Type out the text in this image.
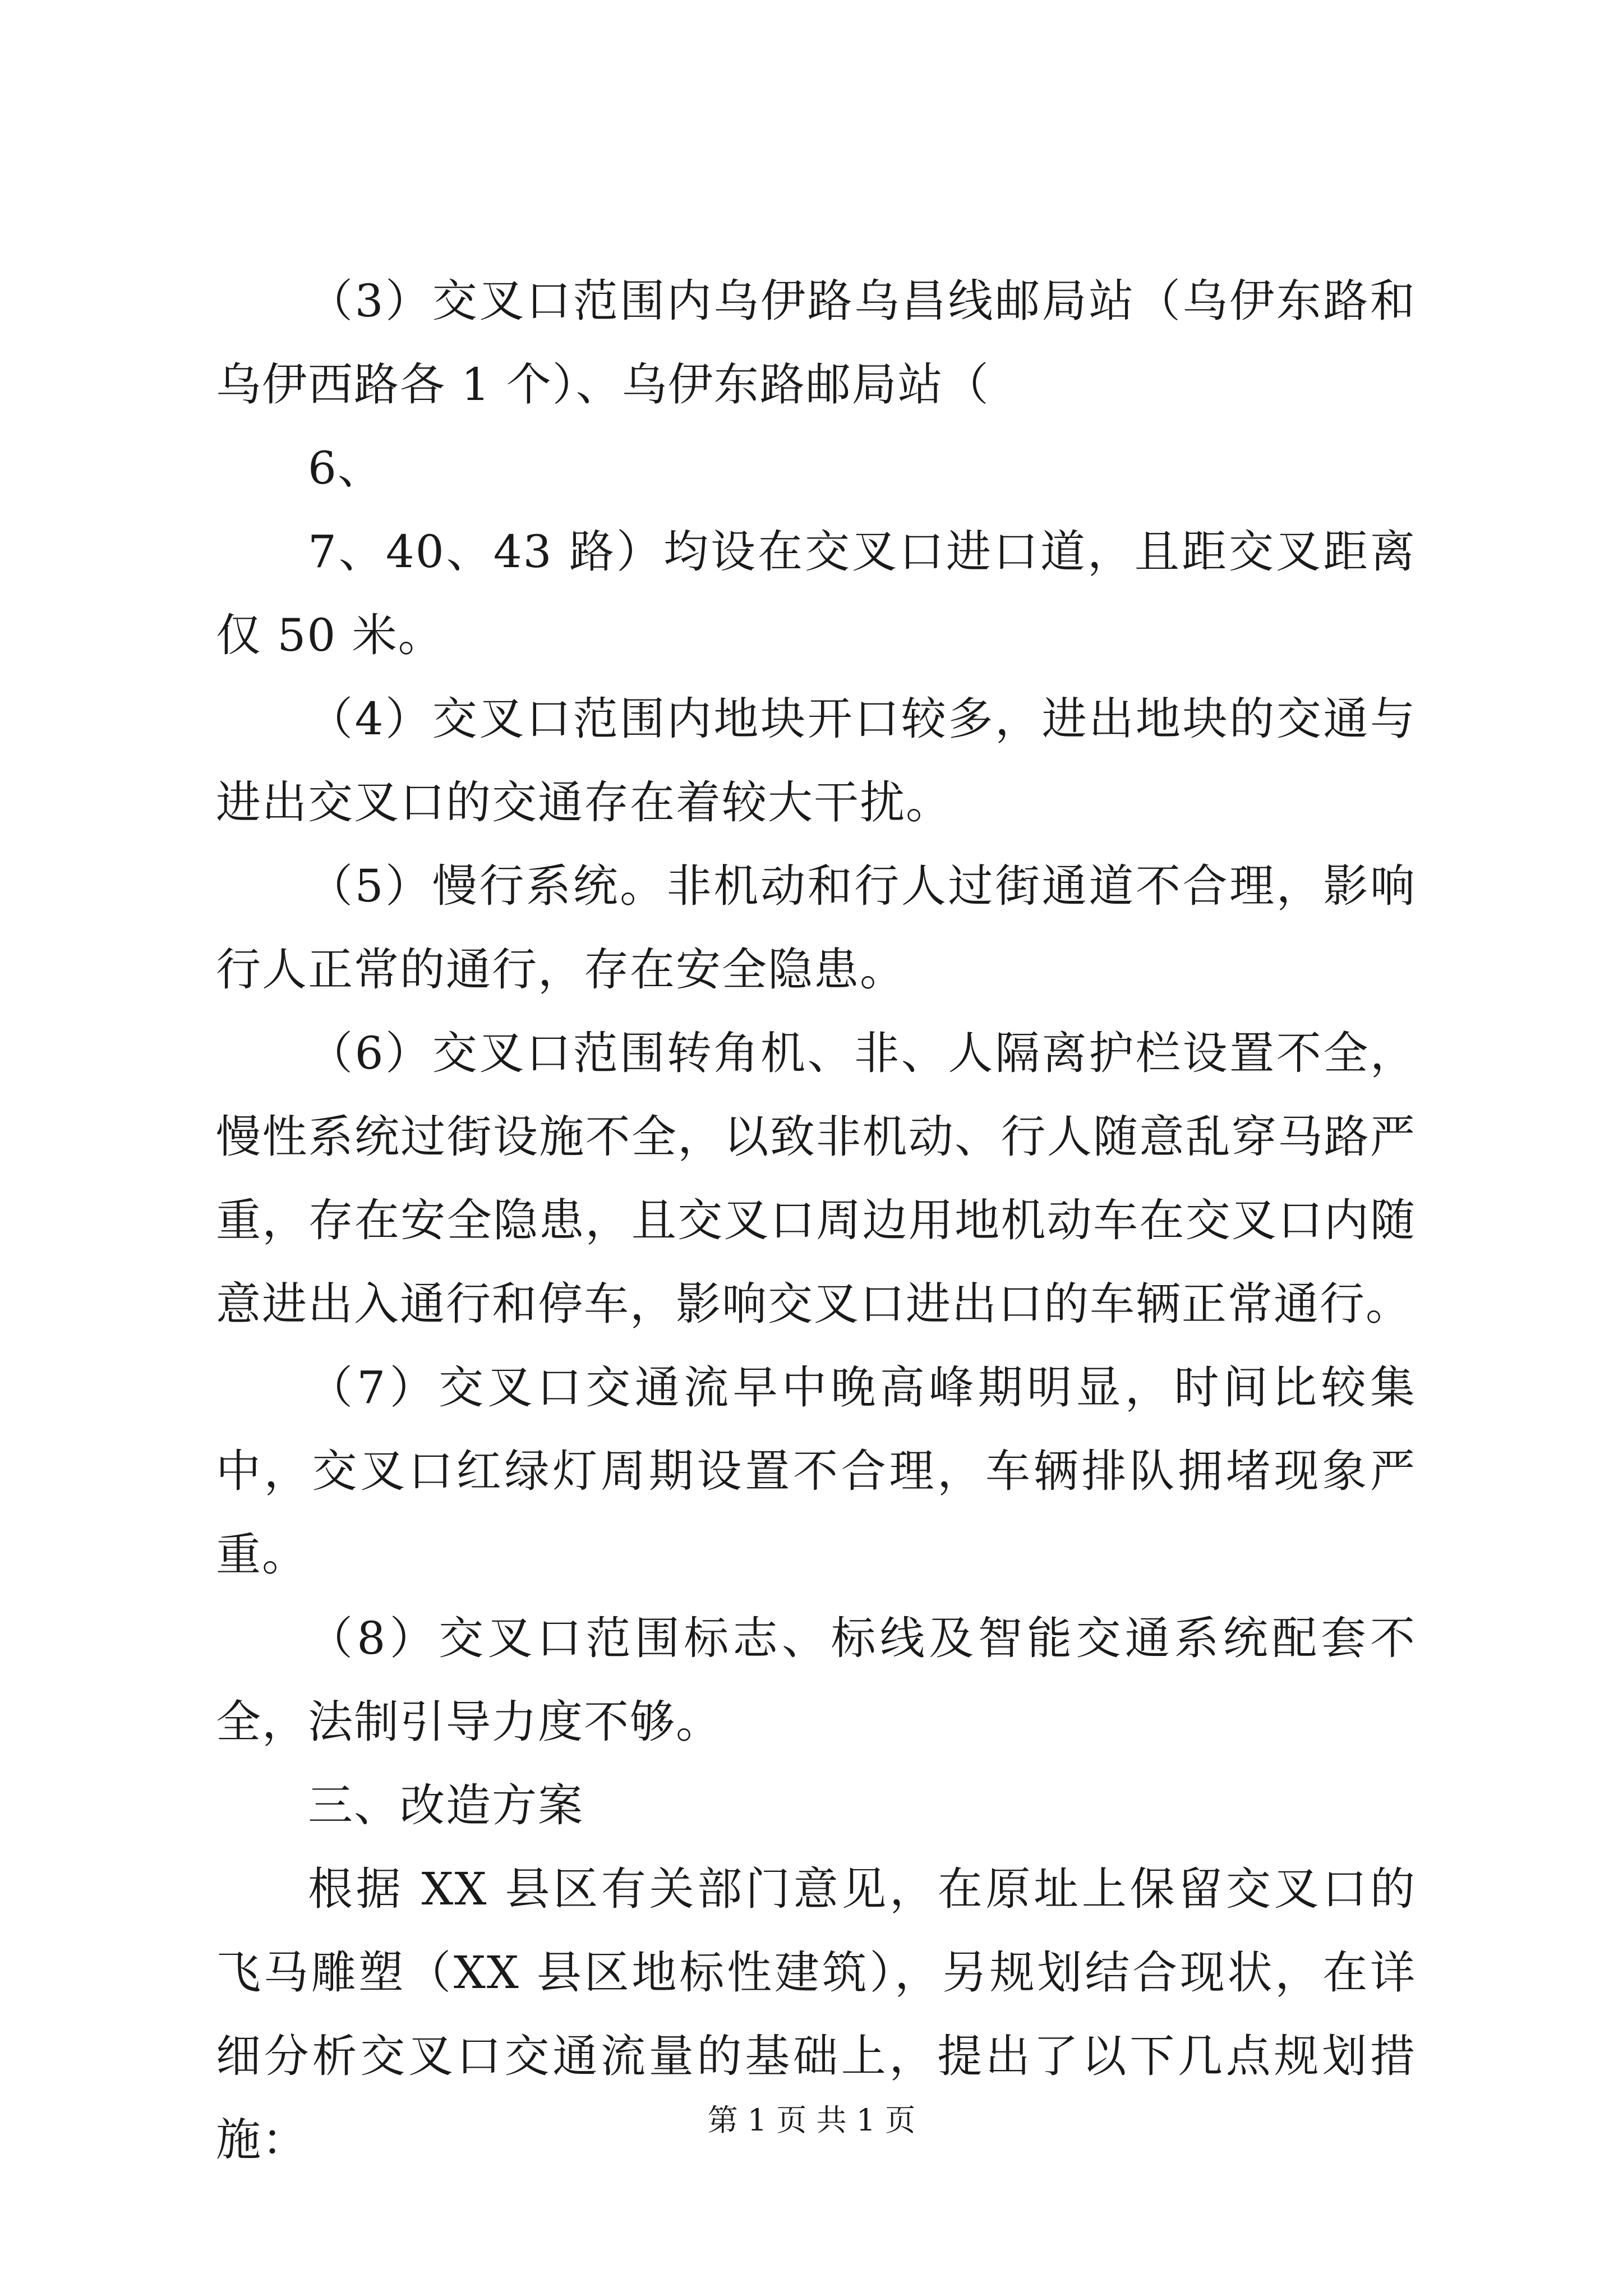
（3）交叉口范围内乌伊路乌昌线邮局站（乌伊东路和乌伊西路各 1 个）、乌伊东路邮局站（

6、

7、40、43 路）均设在交叉口进口道，且距交叉距离仅 50 米。

（4）交叉口范围内地块开口较多，进出地块的交通与进出交叉口的交通存在着较大干扰。

（5）慢行系统。非机动和行人过街通道不合理，影响行人正常的通行，存在安全隐患。

（6）交叉口范围转角机、非、人隔离护栏设置不全，慢性系统过街设施不全，以致非机动、行人随意乱穿马路严重，存在安全隐患，且交叉口周边用地机动车在交叉口内随意进出入通行和停车，影响交叉口进出口的车辆正常通行。

（7）交叉口交通流早中晚高峰期明显，时间比较集中，交叉口红绿灯周期设置不合理，车辆排队拥堵现象严重。

（8）交叉口范围标志、标线及智能交通系统配套不全，法制引导力度不够。

三、改造方案

根据 XX 县区有关部门意见，在原址上保留交叉口的飞马雕塑（XX 县区地标性建筑），另规划结合现状，在详细分析交叉口交通流量的基础上，提出了以下几点规划措施：	第 1 页 共 1 页
